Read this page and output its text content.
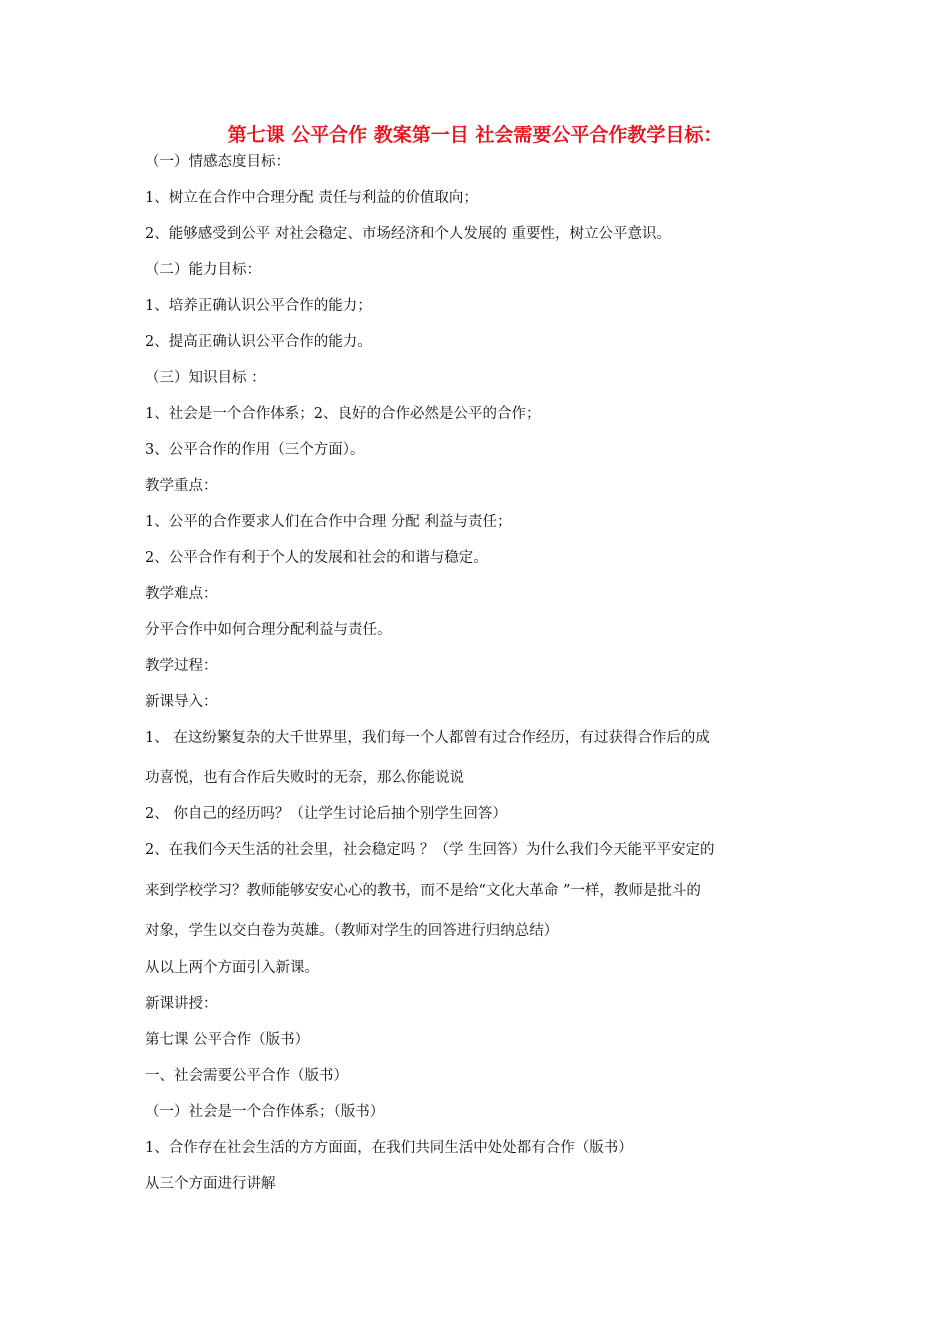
第七课 公平合作 教案第一目 社会需要公平合作教学目标：
（一）情感态度目标：
1、树立在合作中合理分配 责任与利益的价值取向；
2、能够感受到公平 对社会稳定、市场经济和个人发展的 重要性，树立公平意识。
（二）能力目标：
1、培养正确认识公平合作的能力；
2、提高正确认识公平合作的能力。
（三）知识目标 ：
1、社会是一个合作体系；2、良好的合作必然是公平的合作；
3、公平合作的作用（三个方面）。
教学重点：
1、公平的合作要求人们在合作中合理 分配 利益与责任；
2、公平合作有利于个人的发展和社会的和谐与稳定。
教学难点：
分平合作中如何合理分配利益与责任。
教学过程：
新课导入：
1、 在这纷繁复杂的大千世界里，我们每一个人都曾有过合作经历，有过获得合作后的成
功喜悦，也有合作后失败时的无奈，那么你能说说
2、 你自己的经历吗？（让学生讨论后抽个别学生回答）
2、在我们今天生活的社会里，社会稳定吗 ？（学 生回答）为什么我们今天能平平安定的
来到学校学习？教师能够安安心心的教书，而不是给“文化大革命 ”一样，教师是批斗的
对象，学生以交白卷为英雄。（教师对学生的回答进行归纳总结）
从以上两个方面引入新课。
新课讲授：
第七课 公平合作（版书）
一、社会需要公平合作（版书）
（一）社会是一个合作体系；（版书）
1、合作存在社会生活的方方面面，在我们共同生活中处处都有合作（版书）
从三个方面进行讲解
